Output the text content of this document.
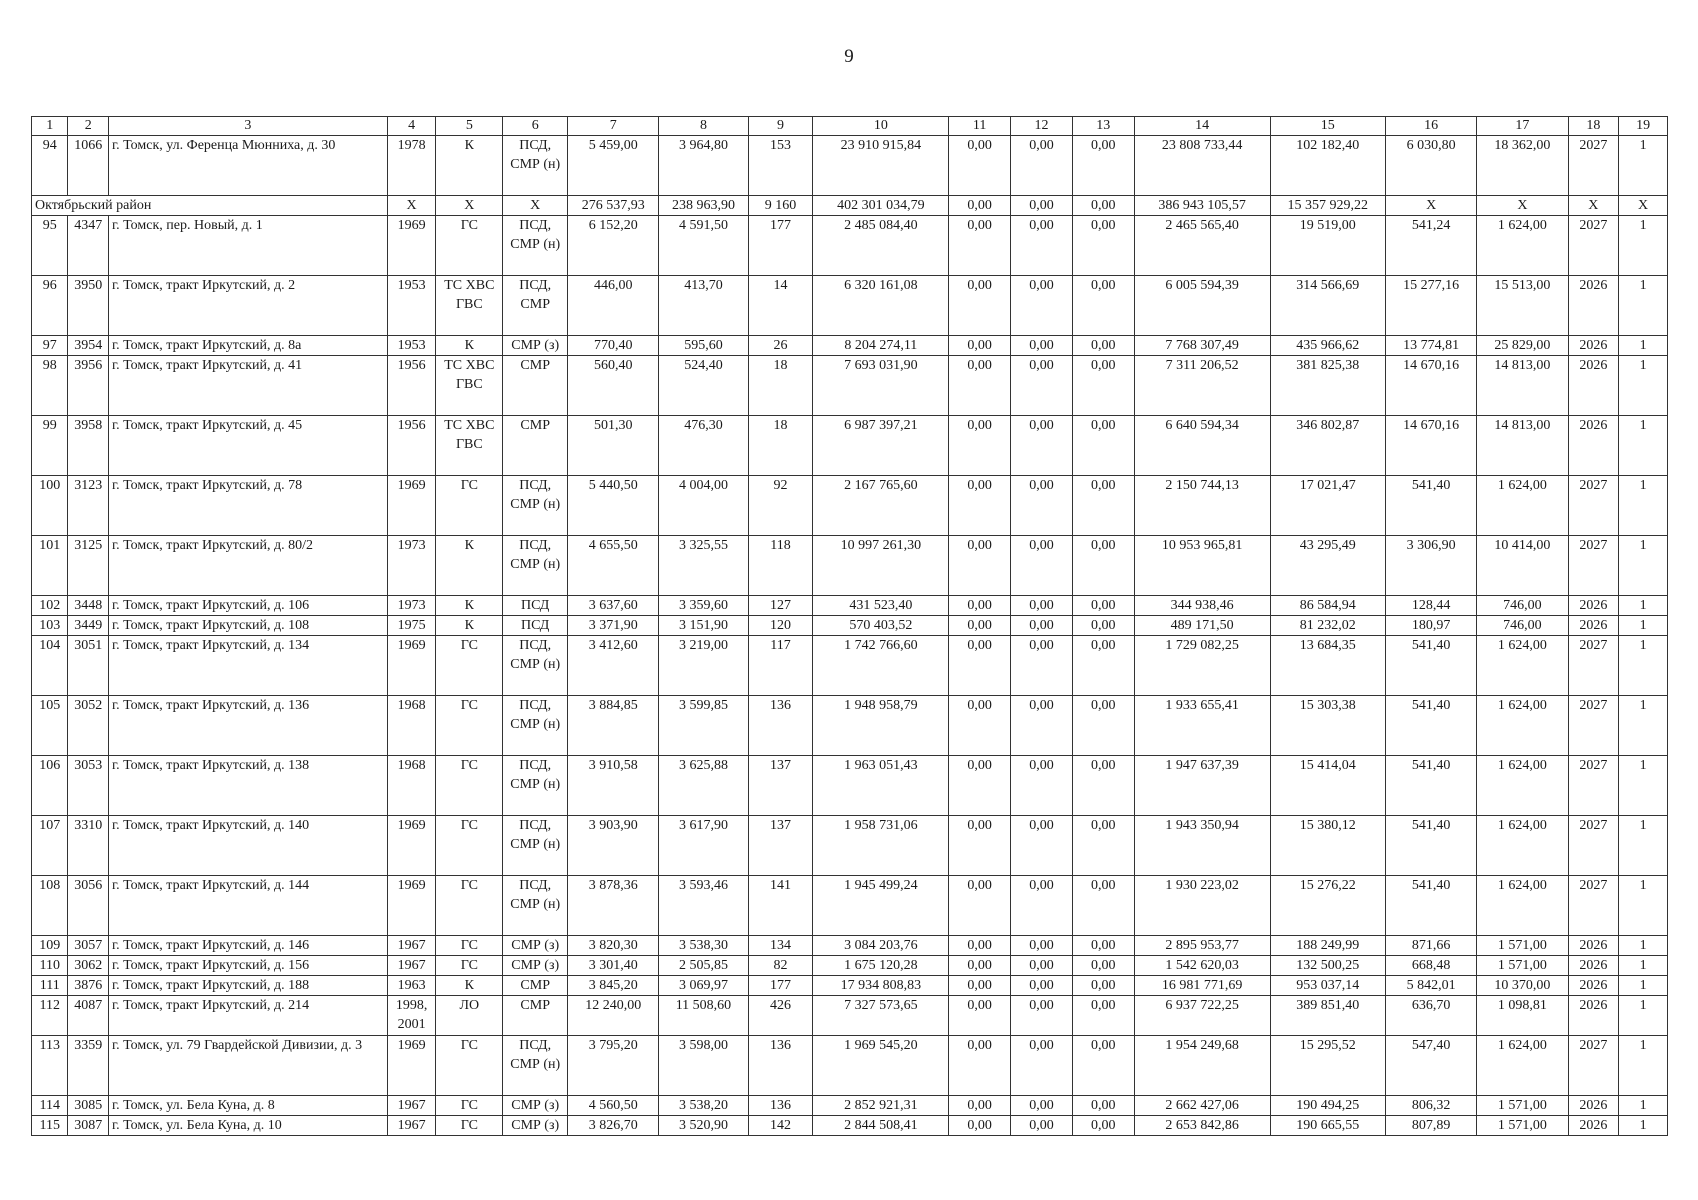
9
1	2	3	4	5	6	7	8	9	10	11	12	13	14	15	16	17	18	19
94	1066	г. Томск, ул. Ференца Мюнниха, д. 30	1978	К	ПСД, СМР (н)	5 459,00	3 964,80	153	23 910 915,84	0,00	0,00	0,00	23 808 733,44	102 182,40	6 030,80	18 362,00	2027	1
Октябрьский район			X	X	X	276 537,93	238 963,90	9 160	402 301 034,79	0,00	0,00	0,00	386 943 105,57	15 357 929,22	X	X	X	X
95	4347	г. Томск, пер. Новый, д. 1	1969	ГС	ПСД, СМР (н)	6 152,20	4 591,50	177	2 485 084,40	0,00	0,00	0,00	2 465 565,40	19 519,00	541,24	1 624,00	2027	1
96	3950	г. Томск, тракт Иркутский, д. 2	1953	ТС ХВС ГВС	ПСД, СМР	446,00	413,70	14	6 320 161,08	0,00	0,00	0,00	6 005 594,39	314 566,69	15 277,16	15 513,00	2026	1
97	3954	г. Томск, тракт Иркутский, д. 8а	1953	К	СМР (з)	770,40	595,60	26	8 204 274,11	0,00	0,00	0,00	7 768 307,49	435 966,62	13 774,81	25 829,00	2026	1
98	3956	г. Томск, тракт Иркутский, д. 41	1956	ТС ХВС ГВС	СМР	560,40	524,40	18	7 693 031,90	0,00	0,00	0,00	7 311 206,52	381 825,38	14 670,16	14 813,00	2026	1
99	3958	г. Томск, тракт Иркутский, д. 45	1956	ТС ХВС ГВС	СМР	501,30	476,30	18	6 987 397,21	0,00	0,00	0,00	6 640 594,34	346 802,87	14 670,16	14 813,00	2026	1
100	3123	г. Томск, тракт Иркутский, д. 78	1969	ГС	ПСД, СМР (н)	5 440,50	4 004,00	92	2 167 765,60	0,00	0,00	0,00	2 150 744,13	17 021,47	541,40	1 624,00	2027	1
101	3125	г. Томск, тракт Иркутский, д. 80/2	1973	К	ПСД, СМР (н)	4 655,50	3 325,55	118	10 997 261,30	0,00	0,00	0,00	10 953 965,81	43 295,49	3 306,90	10 414,00	2027	1
102	3448	г. Томск, тракт Иркутский, д. 106	1973	К	ПСД	3 637,60	3 359,60	127	431 523,40	0,00	0,00	0,00	344 938,46	86 584,94	128,44	746,00	2026	1
103	3449	г. Томск, тракт Иркутский, д. 108	1975	К	ПСД	3 371,90	3 151,90	120	570 403,52	0,00	0,00	0,00	489 171,50	81 232,02	180,97	746,00	2026	1
104	3051	г. Томск, тракт Иркутский, д. 134	1969	ГС	ПСД, СМР (н)	3 412,60	3 219,00	117	1 742 766,60	0,00	0,00	0,00	1 729 082,25	13 684,35	541,40	1 624,00	2027	1
105	3052	г. Томск, тракт Иркутский, д. 136	1968	ГС	ПСД, СМР (н)	3 884,85	3 599,85	136	1 948 958,79	0,00	0,00	0,00	1 933 655,41	15 303,38	541,40	1 624,00	2027	1
106	3053	г. Томск, тракт Иркутский, д. 138	1968	ГС	ПСД, СМР (н)	3 910,58	3 625,88	137	1 963 051,43	0,00	0,00	0,00	1 947 637,39	15 414,04	541,40	1 624,00	2027	1
107	3310	г. Томск, тракт Иркутский, д. 140	1969	ГС	ПСД, СМР (н)	3 903,90	3 617,90	137	1 958 731,06	0,00	0,00	0,00	1 943 350,94	15 380,12	541,40	1 624,00	2027	1
108	3056	г. Томск, тракт Иркутский, д. 144	1969	ГС	ПСД, СМР (н)	3 878,36	3 593,46	141	1 945 499,24	0,00	0,00	0,00	1 930 223,02	15 276,22	541,40	1 624,00	2027	1
109	3057	г. Томск, тракт Иркутский, д. 146	1967	ГС	СМР (з)	3 820,30	3 538,30	134	3 084 203,76	0,00	0,00	0,00	2 895 953,77	188 249,99	871,66	1 571,00	2026	1
110	3062	г. Томск, тракт Иркутский, д. 156	1967	ГС	СМР (з)	3 301,40	2 505,85	82	1 675 120,28	0,00	0,00	0,00	1 542 620,03	132 500,25	668,48	1 571,00	2026	1
111	3876	г. Томск, тракт Иркутский, д. 188	1963	К	СМР	3 845,20	3 069,97	177	17 934 808,83	0,00	0,00	0,00	16 981 771,69	953 037,14	5 842,01	10 370,00	2026	1
112	4087	г. Томск, тракт Иркутский, д. 214	1998, 2001	ЛО	СМР	12 240,00	11 508,60	426	7 327 573,65	0,00	0,00	0,00	6 937 722,25	389 851,40	636,70	1 098,81	2026	1
113	3359	г. Томск, ул. 79 Гвардейской Дивизии, д. 3	1969	ГС	ПСД, СМР (н)	3 795,20	3 598,00	136	1 969 545,20	0,00	0,00	0,00	1 954 249,68	15 295,52	547,40	1 624,00	2027	1
114	3085	г. Томск, ул. Бела Куна, д. 8	1967	ГС	СМР (з)	4 560,50	3 538,20	136	2 852 921,31	0,00	0,00	0,00	2 662 427,06	190 494,25	806,32	1 571,00	2026	1
115	3087	г. Томск, ул. Бела Куна, д. 10	1967	ГС	СМР (з)	3 826,70	3 520,90	142	2 844 508,41	0,00	0,00	0,00	2 653 842,86	190 665,55	807,89	1 571,00	2026	1
